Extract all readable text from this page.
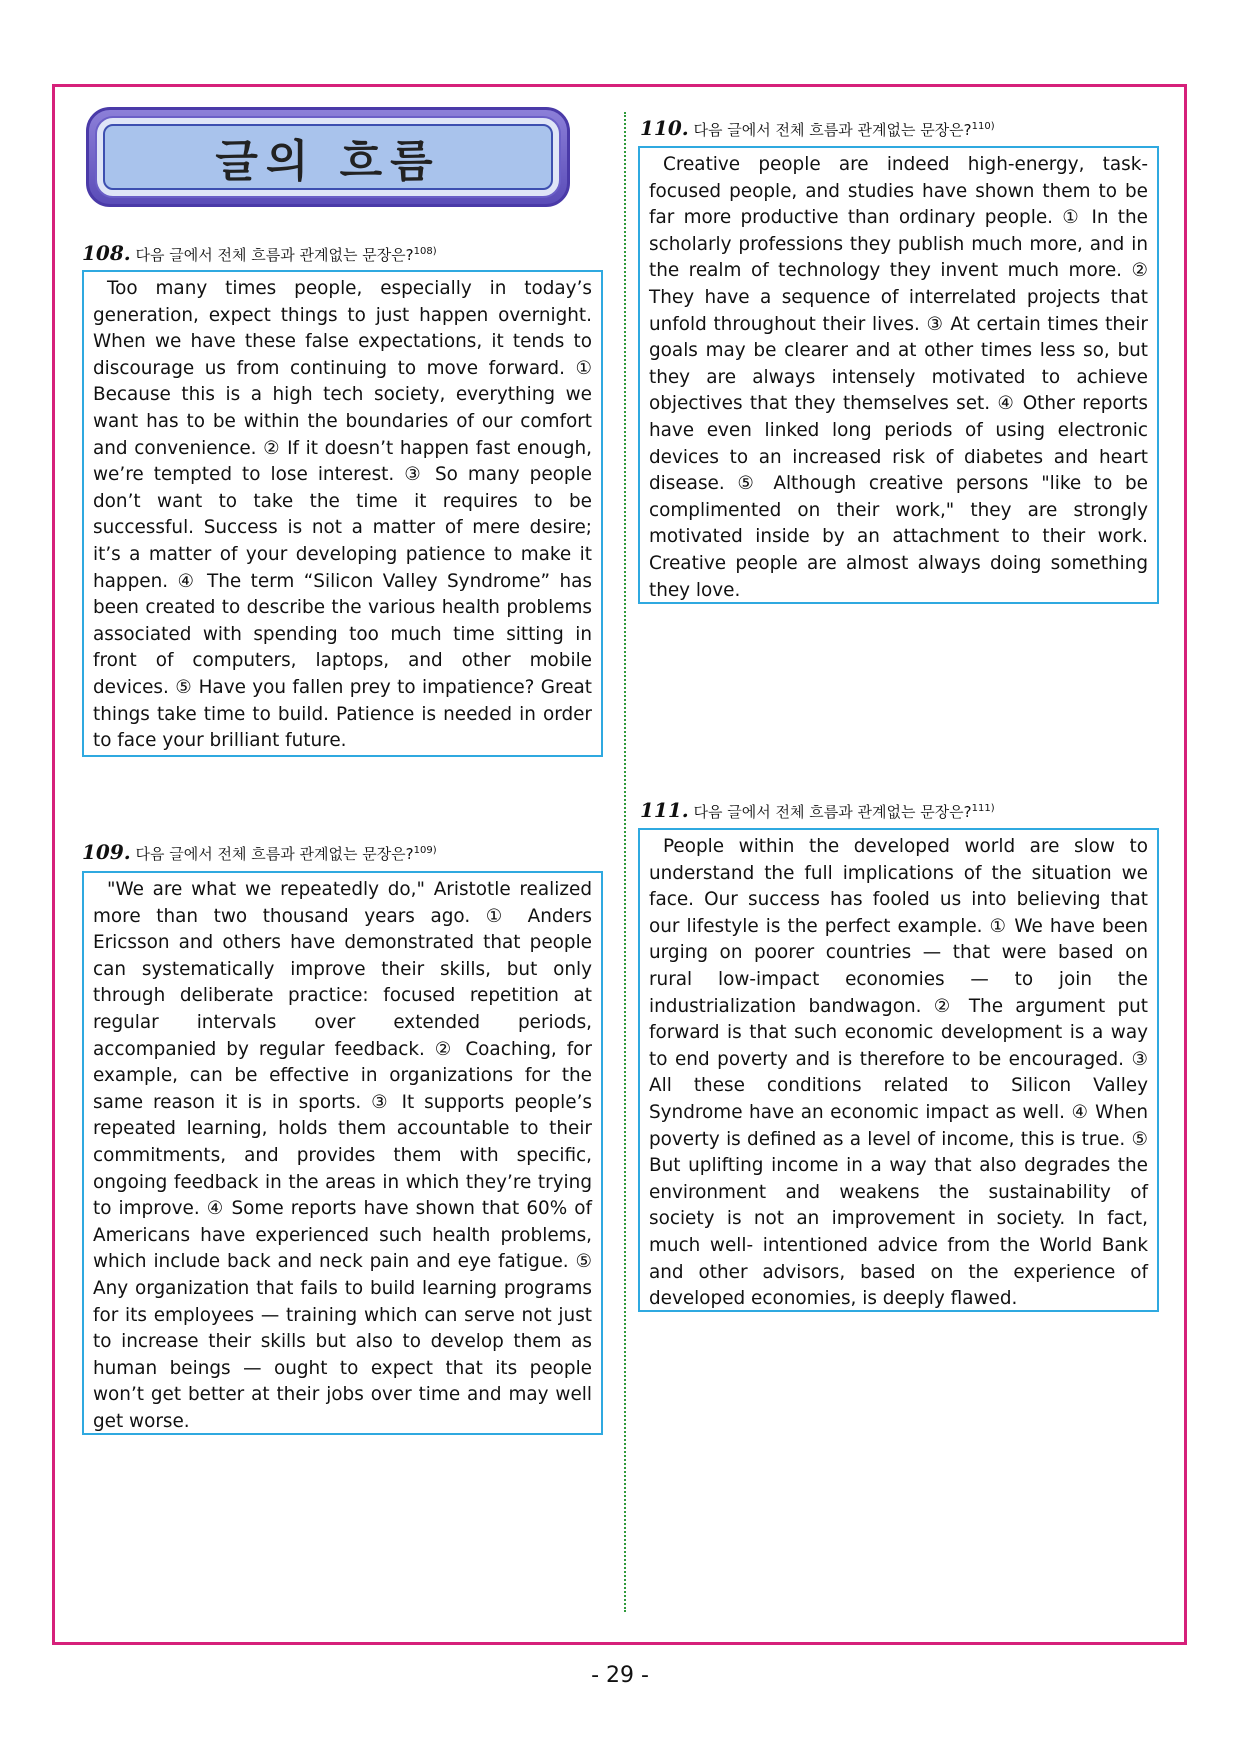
글의 흐름
108. 다음 글에서 전체 흐름과 관계없는 문장은?$^{108)}$

Too many times people, especially in today’s generation, expect things to just happen overnight. When we have these false expectations, it tends to discourage us from continuing to move forward. ① Because this is a high tech society, everything we want has to be within the boundaries of our comfort and convenience. ② If it doesn’t happen fast enough, we’re tempted to lose interest. ③ So many people don’t want to take the time it requires to be successful. Success is not a matter of mere desire; it’s a matter of your developing patience to make it happen. ④ The term “Silicon Valley Syndrome” has been created to describe the various health problems associated with spending too much time sitting in front of computers, laptops, and other mobile devices. ⑤ Have you fallen prey to impatience? Great things take time to build. Patience is needed in order to face your brilliant future.

109. 다음 글에서 전체 흐름과 관계없는 문장은?$^{109)}$

"We are what we repeatedly do," Aristotle realized more than two thousand years ago. ① Anders Ericsson and others have demonstrated that people can systematically improve their skills, but only through deliberate practice: focused repetition at regular intervals over extended periods, accompanied by regular feedback. ② Coaching, for example, can be effective in organizations for the same reason it is in sports. ③ It supports people’s repeated learning, holds them accountable to their commitments, and provides them with specific, ongoing feedback in the areas in which they’re trying to improve. ④ Some reports have shown that 60% of Americans have experienced such health problems, which include back and neck pain and eye fatigue. ⑤ Any organization that fails to build learning programs for its employees — training which can serve not just to increase their skills but also to develop them as human beings — ought to expect that its people won’t get better at their jobs over time and may well get worse.

110. 다음 글에서 전체 흐름과 관계없는 문장은?$^{110)}$

Creative people are indeed high-energy, task-focused people, and studies have shown them to be far more productive than ordinary people. ① In the scholarly professions they publish much more, and in the realm of technology they invent much more. ② They have a sequence of interrelated projects that unfold throughout their lives. ③ At certain times their goals may be clearer and at other times less so, but they are always intensely motivated to achieve objectives that they themselves set. ④ Other reports have even linked long periods of using electronic devices to an increased risk of diabetes and heart disease. ⑤ Although creative persons "like to be complimented on their work," they are strongly motivated inside by an attachment to their work. Creative people are almost always doing something they love.

111. 다음 글에서 전체 흐름과 관계없는 문장은?$^{111)}$

People within the developed world are slow to understand the full implications of the situation we face. Our success has fooled us into believing that our lifestyle is the perfect example. ① We have been urging on poorer countries — that were based on rural low-impact economies — to join the industrialization bandwagon. ② The argument put forward is that such economic development is a way to end poverty and is therefore to be encouraged. ③ All these conditions related to Silicon Valley Syndrome have an economic impact as well. ④ When poverty is defined as a level of income, this is true. ⑤ But uplifting income in a way that also degrades the environment and weakens the sustainability of society is not an improvement in society. In fact, much well- intentioned advice from the World Bank and other advisors, based on the experience of developed economies, is deeply flawed.

- 29 -
